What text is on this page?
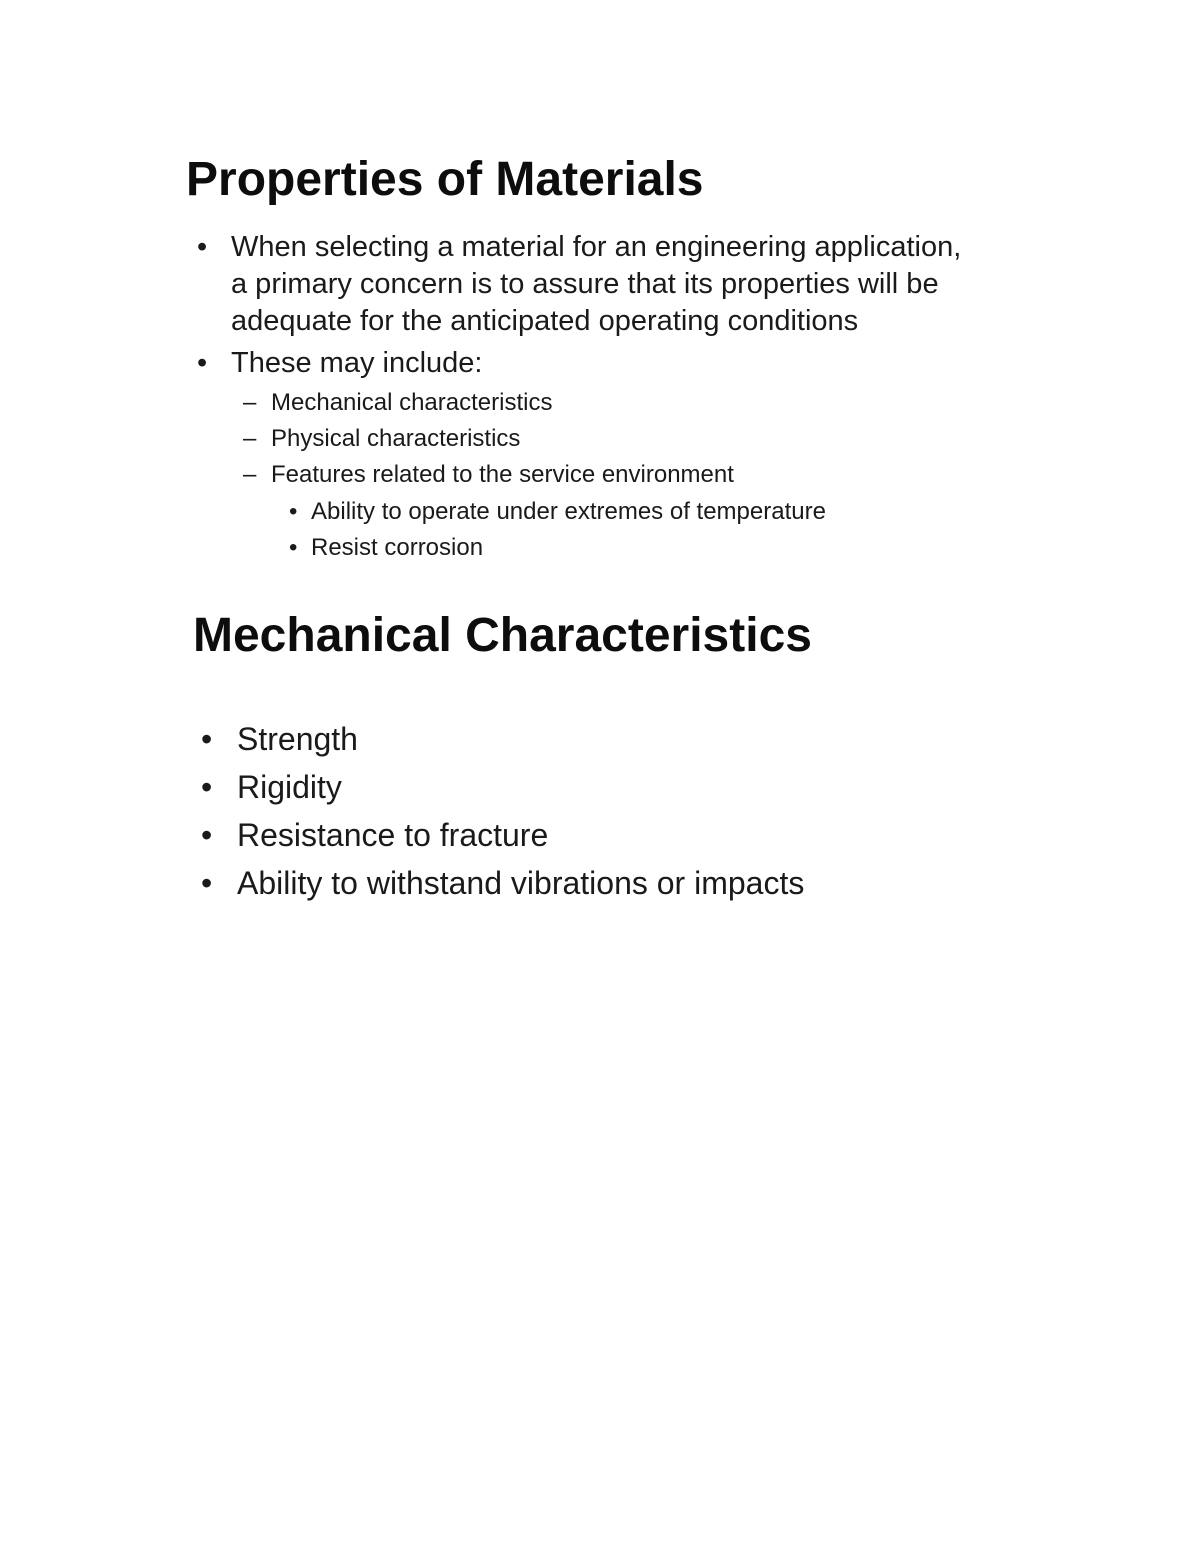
Properties of Materials
• When selecting a material for an engineering application,
a primary concern is to assure that its properties will be
adequate for the anticipated operating conditions
• These may include:
– Mechanical characteristics
– Physical characteristics
– Features related to the service environment
• Ability to operate under extremes of temperature
• Resist corrosion
Mechanical Characteristics
• Strength
• Rigidity
• Resistance to fracture
• Ability to withstand vibrations or impacts
